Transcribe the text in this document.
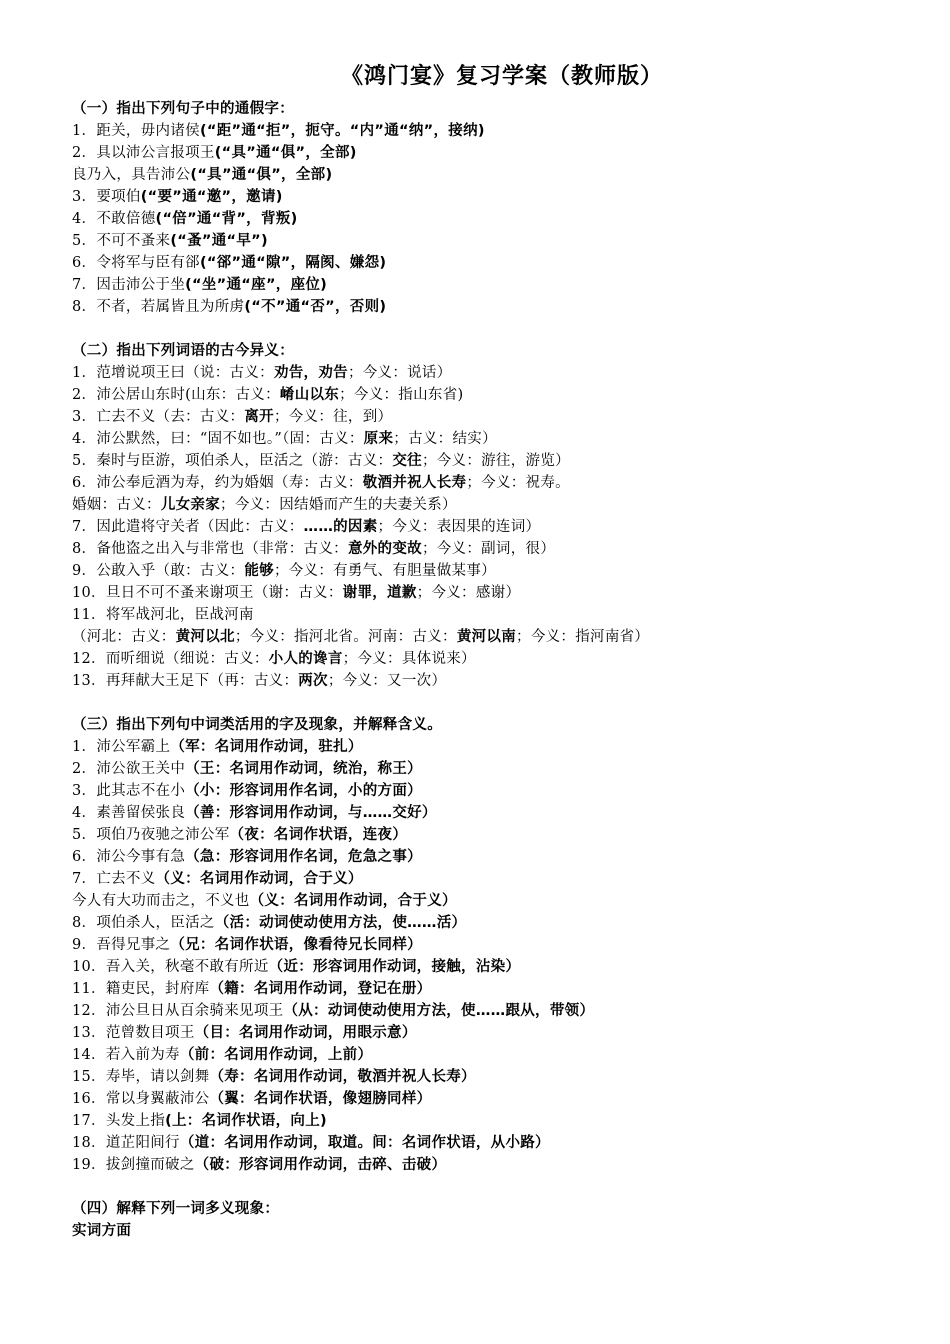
《鸿门宴》复习学案（教师版）
（一）指出下列句子中的通假字：
1．距关，毋内诸侯(“距”通“拒”，扼守。“内”通“纳”，接纳)
2．具以沛公言报项王(“具”通“俱”，全部)
良乃入，具告沛公(“具”通“俱”，全部)
3．要项伯(“要”通“邀”，邀请)
4．不敢倍德(“倍”通“背”，背叛)
5．不可不蚤来(“蚤”通“早”)
6．令将军与臣有郤(“郤”通“隙”，隔阂、嫌怨)
7．因击沛公于坐(“坐”通“座”，座位)
8．不者，若属皆且为所虏(“不”通“否”，否则)
（二）指出下列词语的古今异义：
1．范增说项王曰（说：古义：劝告，劝告；今义：说话）
2．沛公居山东时(山东：古义：崤山以东；今义：指山东省)
3．亡去不义（去：古义：离开；今义：往，到）
4．沛公默然，曰：“固不如也。”（固：古义：原来；古义：结实）
5．秦时与臣游，项伯杀人，臣活之（游：古义：交往；今义：游往，游览）
6．沛公奉卮酒为寿，约为婚姻（寿：古义：敬酒并祝人长寿；今义：祝寿。
婚姻：古义：儿女亲家；今义：因结婚而产生的夫妻关系）
7．因此遣将守关者（因此：古义：……的因素；今义：表因果的连词）
8．备他盗之出入与非常也（非常：古义：意外的变故；今义：副词，很）
9．公敢入乎（敢：古义：能够；今义：有勇气、有胆量做某事）
10．旦日不可不蚤来谢项王（谢：古义：谢罪，道歉；今义：感谢）
11．将军战河北，臣战河南
（河北：古义：黄河以北；今义：指河北省。河南：古义：黄河以南；今义：指河南省）
12．而听细说（细说：古义：小人的谗言；今义：具体说来）
13．再拜献大王足下（再：古义：两次；今义：又一次）
（三）指出下列句中词类活用的字及现象，并解释含义。
1．沛公军霸上（军：名词用作动词，驻扎）
2．沛公欲王关中（王：名词用作动词，统治，称王）
3．此其志不在小（小：形容词用作名词，小的方面）
4．素善留侯张良（善：形容词用作动词，与……交好）
5．项伯乃夜驰之沛公军（夜：名词作状语，连夜）
6．沛公今事有急（急：形容词用作名词，危急之事）
7．亡去不义（义：名词用作动词，合于义）
今人有大功而击之，不义也（义：名词用作动词，合于义）
8．项伯杀人，臣活之（活：动词使动使用方法，使……活）
9．吾得兄事之（兄：名词作状语，像看待兄长同样）
10．吾入关，秋毫不敢有所近（近：形容词用作动词，接触，沾染）
11．籍吏民，封府库（籍：名词用作动词，登记在册）
12．沛公旦日从百余骑来见项王（从：动词使动使用方法，使……跟从，带领）
13．范曾数目项王（目：名词用作动词，用眼示意）
14．若入前为寿（前：名词用作动词，上前）
15．寿毕，请以剑舞（寿：名词用作动词，敬酒并祝人长寿）
16．常以身翼蔽沛公（翼：名词作状语，像翅膀同样）
17．头发上指(上：名词作状语，向上)
18．道芷阳间行（道：名词用作动词，取道。间：名词作状语，从小路）
19．拔剑撞而破之（破：形容词用作动词，击碎、击破）
（四）解释下列一词多义现象：
实词方面
